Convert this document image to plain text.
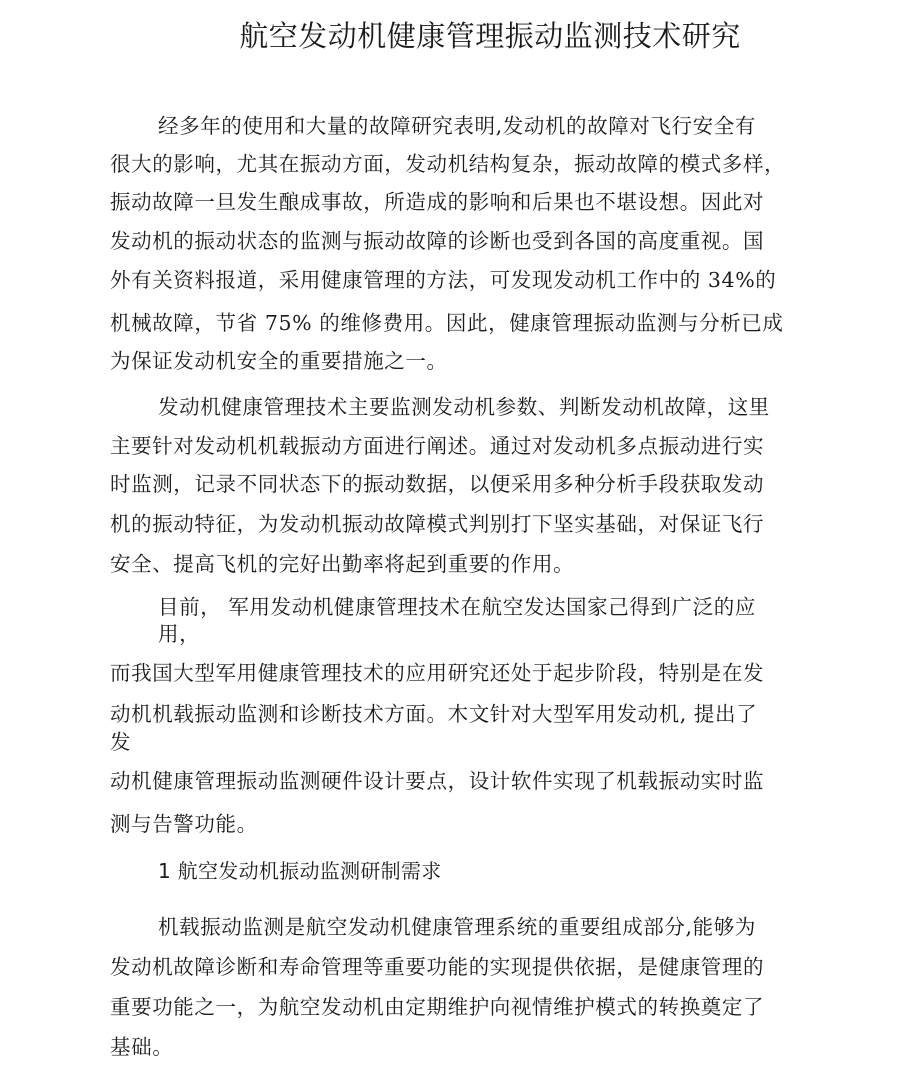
航空发动机健康管理振动监测技术研究
经多年的使用和大量的故障研究表明,发动机的故障对飞行安全有
很大的影响，尤其在振动方面，发动机结构复杂，振动故障的模式多样，
振动故障一旦发生酿成事故，所造成的影响和后果也不堪设想。因此对
发动机的振动状态的监测与振动故障的诊断也受到各国的高度重视。国
外有关资料报道，采用健康管理的方法，可发现发动机工作中的 34%的
机械故障，节省 75% 的维修费用。因此，健康管理振动监测与分析已成
为保证发动机安全的重要措施之一。
发动机健康管理技术主要监测发动机参数、判断发动机故障，这里
主要针对发动机机载振动方面进行阐述。通过对发动机多点振动进行实
时监测，记录不同状态下的振动数据，以便采用多种分析手段获取发动
机的振动特征，为发动机振动故障模式判别打下坚实基础，对保证飞行
安全、提高飞机的完好出勤率将起到重要的作用。
目前， 军用发动机健康管理技术在航空发达国家己得到广泛的应
用，
而我国大型军用健康管理技术的应用研究还处于起步阶段，特别是在发
动机机载振动监测和诊断技术方面。木文针对大型军用发动机, 提出了
发
动机健康管理振动监测硬件设计要点，设计软件实现了机载振动实时监
测与告警功能。
1 航空发动机振动监测研制需求
机载振动监测是航空发动机健康管理系统的重要组成部分,能够为
发动机故障诊断和寿命管理等重要功能的实现提供依据，是健康管理的
重要功能之一，为航空发动机由定期维护向视情维护模式的转换奠定了
基础。
